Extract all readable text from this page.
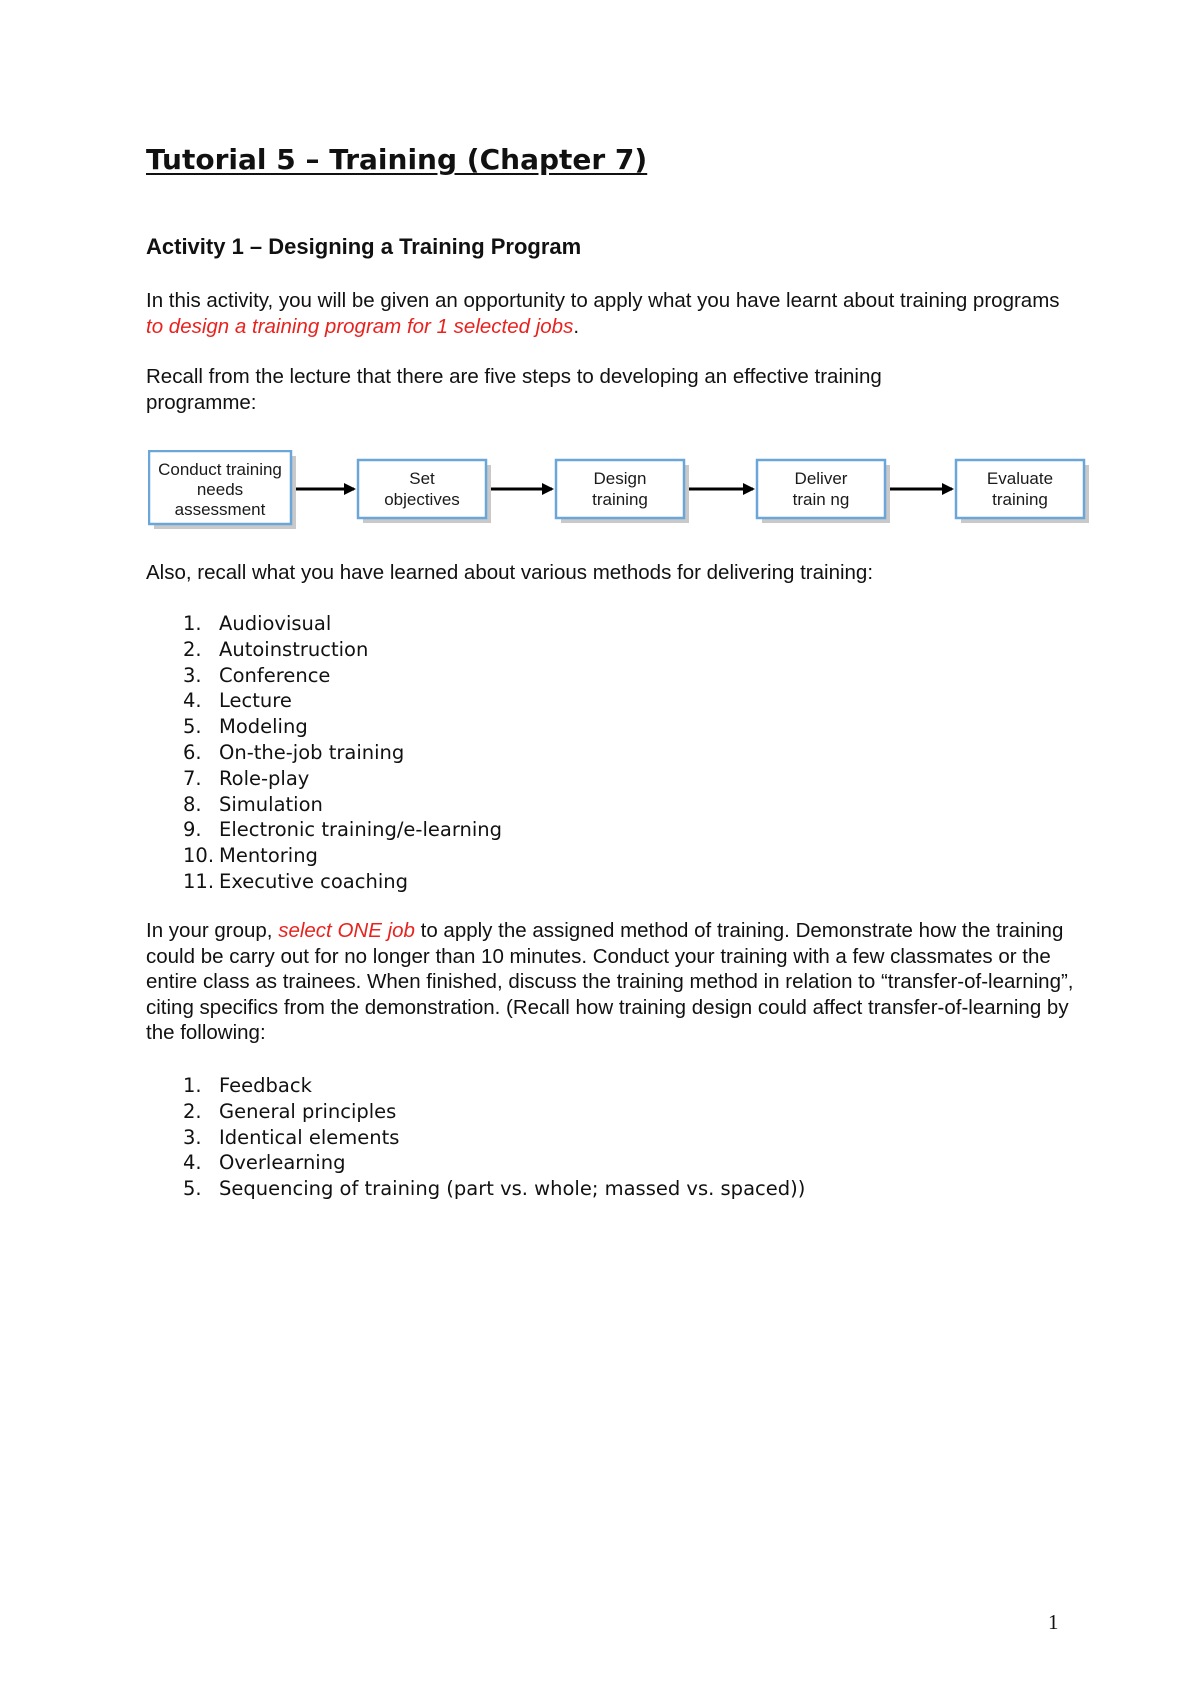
Tutorial 5 – Training (Chapter 7)
Activity 1 – Designing a Training Program

In this activity, you will be given an opportunity to apply what you have learnt about training programs to design a training program for 1 selected jobs.

Recall from the lecture that there are five steps to developing an effective training programme:

Conduct training
needs
assessment
Set
objectives
Design
training
Deliver
train ng
Evaluate
training

Also, recall what you have learned about various methods for delivering training:

1. Audiovisual
2. Autoinstruction
3. Conference
4. Lecture
5. Modeling
6. On-the-job training
7. Role-play
8. Simulation
9. Electronic training/e-learning
10. Mentoring
11. Executive coaching

In your group, select ONE job to apply the assigned method of training. Demonstrate how the training could be carry out for no longer than 10 minutes. Conduct your training with a few classmates or the entire class as trainees. When finished, discuss the training method in relation to “transfer-of-learning”, citing specifics from the demonstration. (Recall how training design could affect transfer-of-learning by the following:

1. Feedback
2. General principles
3. Identical elements
4. Overlearning
5. Sequencing of training (part vs. whole; massed vs. spaced))
1
